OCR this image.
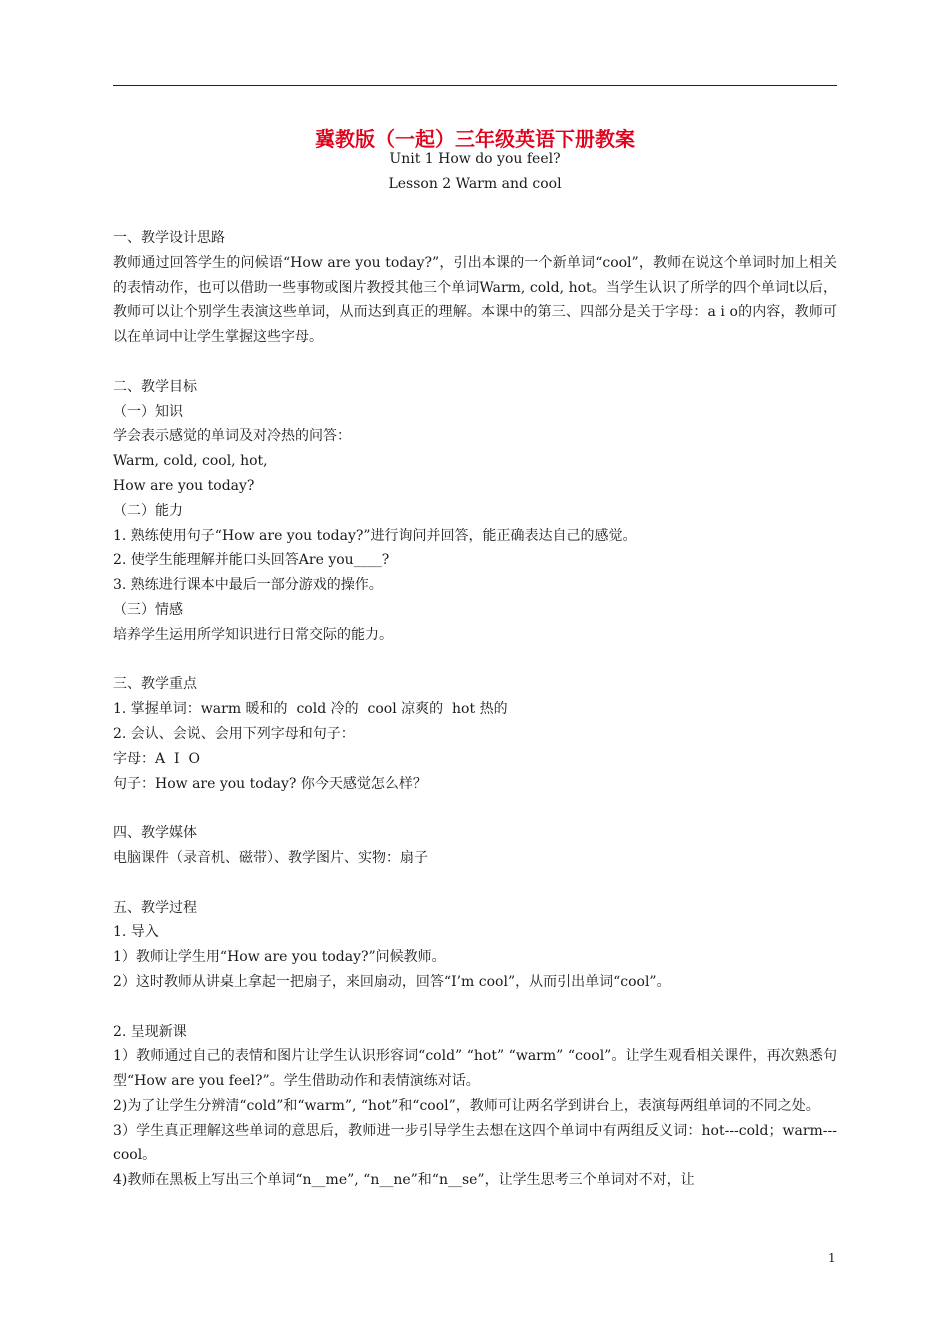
冀教版（一起）三年级英语下册教案
Unit 1 How do you feel?
Lesson 2 Warm and cool

一、教学设计思路

教师通过回答学生的问候语“How are you today?”，引出本课的一个新单词“cool”，教师在说这个单词时加上相关的表情动作，也可以借助一些事物或图片教授其他三个单词Warm, cold, hot。当学生认识了所学的四个单词t以后，教师可以让个别学生表演这些单词，从而达到真正的理解。本课中的第三、四部分是关于字母：a i o的内容，教师可以在单词中让学生掌握这些字母。

二、教学目标

（一）知识

学会表示感觉的单词及对冷热的问答：

Warm, cold, cool, hot,

How are you today?

（二）能力

1. 熟练使用句子“How are you today?”进行询问并回答，能正确表达自己的感觉。

2. 使学生能理解并能口头回答Are you____?

3. 熟练进行课本中最后一部分游戏的操作。

（三）情感

培养学生运用所学知识进行日常交际的能力。

三、教学重点

1. 掌握单词：warm 暖和的  cold 冷的  cool 凉爽的  hot 热的

2. 会认、会说、会用下列字母和句子：

字母：A  I  O

句子：How are you today? 你今天感觉怎么样？

四、教学媒体

电脑课件（录音机、磁带）、教学图片、实物：扇子

五、教学过程

1. 导入

1）教师让学生用“How are you today?”问候教师。

2）这时教师从讲桌上拿起一把扇子，来回扇动，回答“I’m cool”，从而引出单词“cool”。

2. 呈现新课

1）教师通过自己的表情和图片让学生认识形容词“cold” “hot” “warm” “cool”。让学生观看相关课件，再次熟悉句型“How are you feel?”。学生借助动作和表情演练对话。

2)为了让学生分辨清“cold”和“warm”, “hot”和“cool”，教师可让两名学到讲台上，表演每两组单词的不同之处。

3）学生真正理解这些单词的意思后，教师进一步引导学生去想在这四个单词中有两组反义词：hot---cold；warm---cool。

4)教师在黑板上写出三个单词“n__me”, “n__ne”和“n__se”，让学生思考三个单词对不对，让

1
